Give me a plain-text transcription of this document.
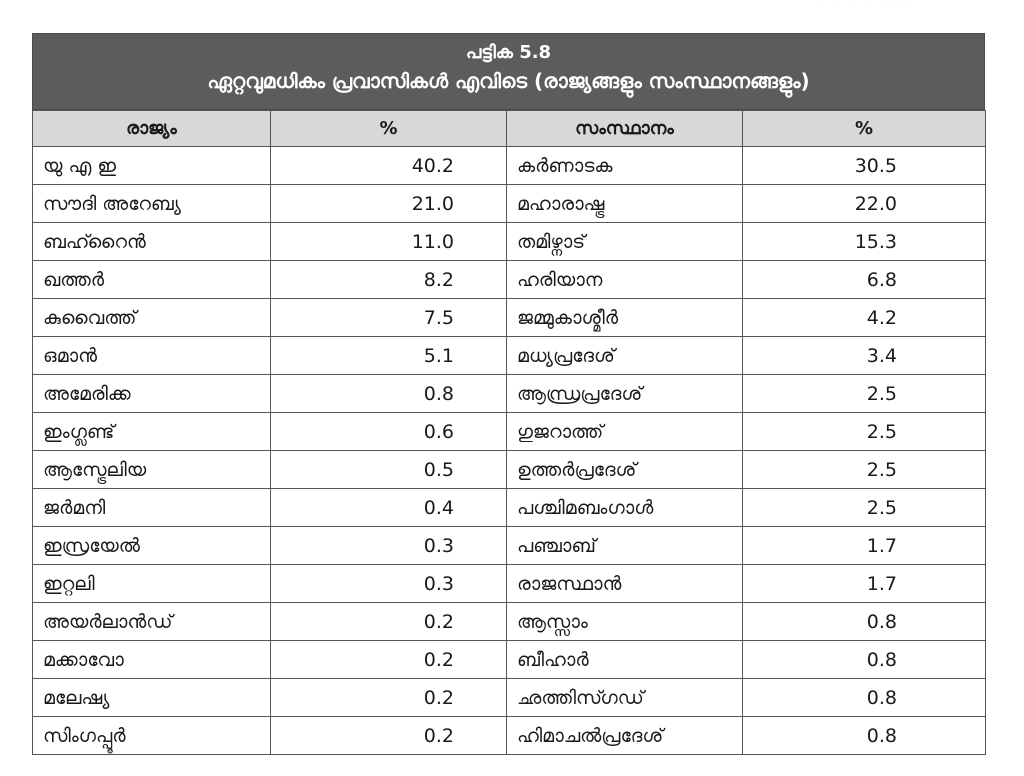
· · · · · · ·
പട്ടിക 5.8
ഏറ്റവുമധികം പ്രവാസികൾ എവിടെ (രാജ്യങ്ങളും സംസ്ഥാനങ്ങളും)
രാജ്യം	%	സംസ്ഥാനം	%
യു എ ഇ	40.2	കർണാടക	30.5
സൗദി അറേബ്യ	21.0	മഹാരാഷ്ട്ര	22.0
ബഹ്റൈൻ	11.0	തമിഴ്നാട്	15.3
ഖത്തർ	8.2	ഹരിയാന	6.8
കുവൈത്ത്	7.5	ജമ്മുകാശ്മീർ	4.2
ഒമാൻ	5.1	മധ്യപ്രദേശ്	3.4
അമേരിക്ക	0.8	ആന്ധ്രപ്രദേശ്	2.5
ഇംഗ്ലണ്ട്	0.6	ഗുജറാത്ത്	2.5
ആസ്ട്രേലിയ	0.5	ഉത്തർപ്രദേശ്	2.5
ജർമനി	0.4	പശ്ചിമബംഗാൾ	2.5
ഇസ്രയേൽ	0.3	പഞ്ചാബ്	1.7
ഇറ്റലി	0.3	രാജസ്ഥാൻ	1.7
അയർലാൻഡ്	0.2	ആസ്സാം	0.8
മക്കാവോ	0.2	ബീഹാർ	0.8
മലേഷ്യ	0.2	ഛത്തിസ്ഗഡ്	0.8
സിംഗപ്പൂർ	0.2	ഹിമാചൽപ്രദേശ്	0.8
